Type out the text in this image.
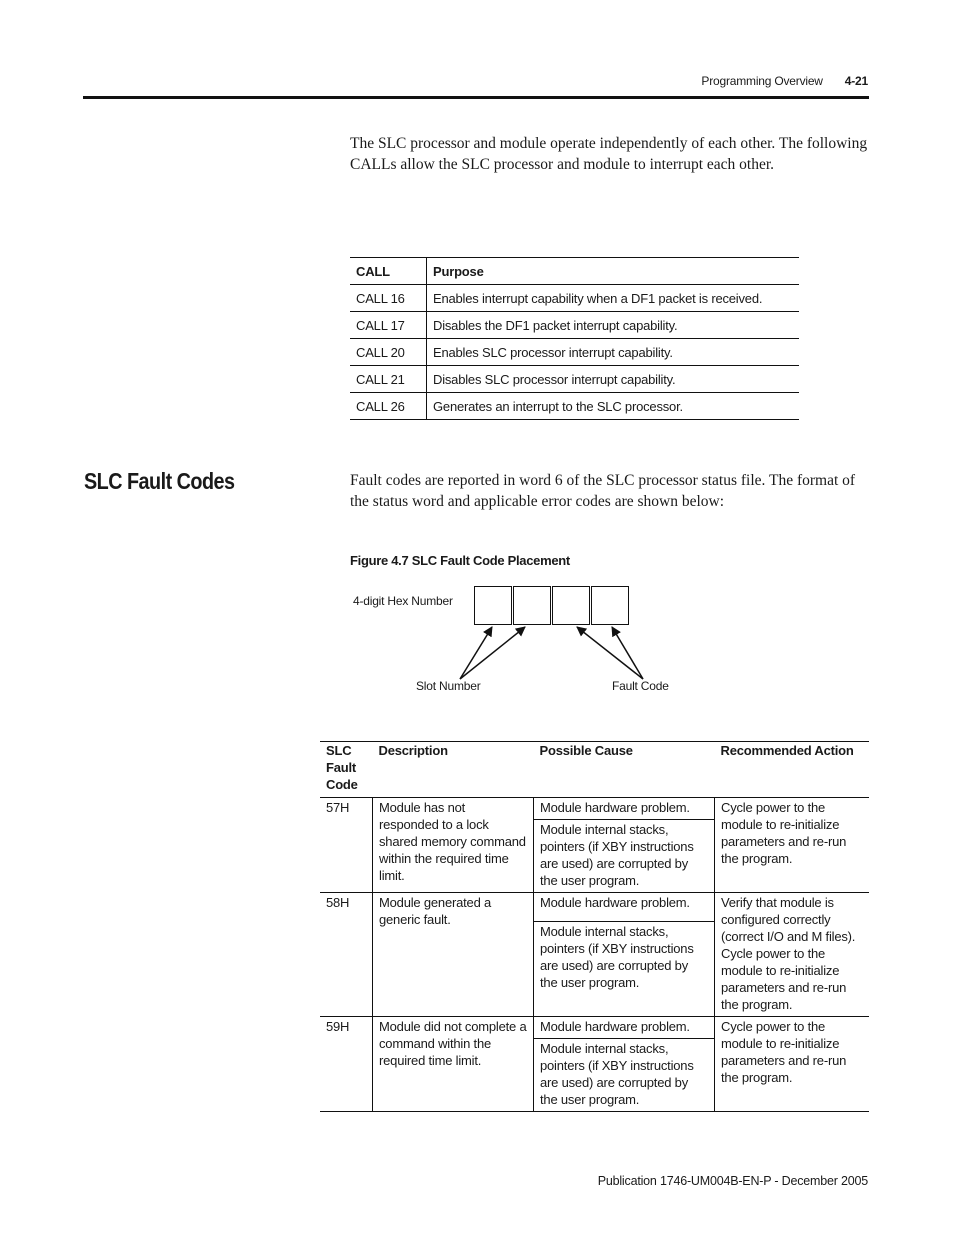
Programming Overview 4-21

The SLC processor and module operate independently of each other. The following CALLs allow the SLC processor and module to interrupt each other.

CALL	Purpose
CALL 16	Enables interrupt capability when a DF1 packet is received.
CALL 17	Disables the DF1 packet interrupt capability.
CALL 20	Enables SLC processor interrupt capability.
CALL 21	Disables SLC processor interrupt capability.
CALL 26	Generates an interrupt to the SLC processor.
SLC Fault Codes	Fault codes are reported in word 6 of the SLC processor status file. The format of the status word and applicable error codes are shown below:

Figure 4.7 SLC Fault Code Placement
4-digit Hex Number
Slot Number	Fault Code
SLC Fault Code	Description	Possible Cause	Recommended Action
57H	Module has not responded to a lock shared memory command within the required time limit.	Module hardware problem.	Cycle power to the module to re-initialize parameters and re-run the program.
		Module internal stacks, pointers (if XBY instructions are used) are corrupted by the user program.	
58H	Module generated a generic fault.	Module hardware problem.	Verify that module is configured correctly (correct I/O and M files). Cycle power to the module to re-initialize parameters and re-run the program.
		Module internal stacks, pointers (if XBY instructions are used) are corrupted by the user program.	
59H	Module did not complete a command within the required time limit.	Module hardware problem.	Cycle power to the module to re-initialize parameters and re-run the program.
		Module internal stacks, pointers (if XBY instructions are used) are corrupted by the user program.	
Publication 1746-UM004B-EN-P - December 2005
